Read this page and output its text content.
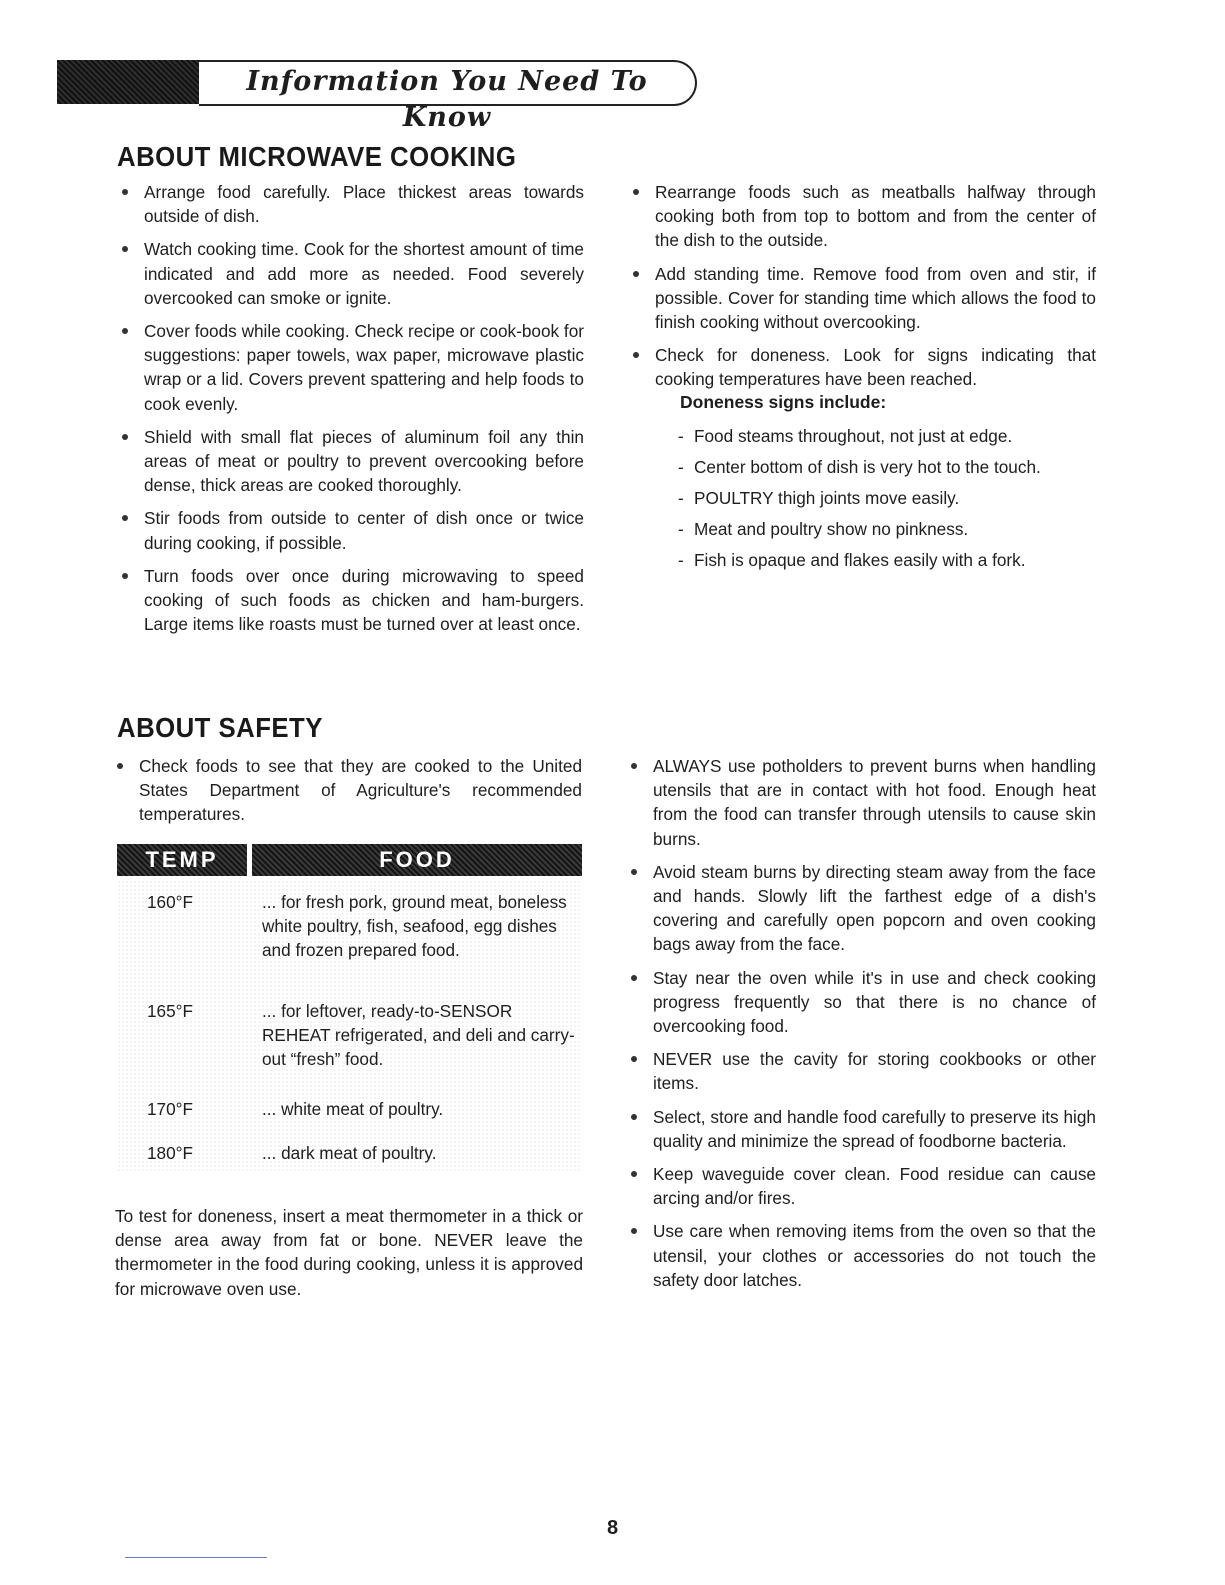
Information You Need To Know
ABOUT MICROWAVE COOKING
Arrange food carefully. Place thickest areas towards outside of dish.
Watch cooking time. Cook for the shortest amount of time indicated and add more as needed. Food severely overcooked can smoke or ignite.
Cover foods while cooking. Check recipe or cook-book for suggestions: paper towels, wax paper, microwave plastic wrap or a lid. Covers prevent spattering and help foods to cook evenly.
Shield with small flat pieces of aluminum foil any thin areas of meat or poultry to prevent overcooking before dense, thick areas are cooked thoroughly.
Stir foods from outside to center of dish once or twice during cooking, if possible.
Turn foods over once during microwaving to speed cooking of such foods as chicken and ham-burgers. Large items like roasts must be turned over at least once.
Rearrange foods such as meatballs halfway through cooking both from top to bottom and from the center of the dish to the outside.
Add standing time. Remove food from oven and stir, if possible. Cover for standing time which allows the food to finish cooking without overcooking.
Check for doneness. Look for signs indicating that cooking temperatures have been reached.
Doneness signs include:
- Food steams throughout, not just at edge.
- Center bottom of dish is very hot to the touch.
- POULTRY thigh joints move easily.
- Meat and poultry show no pinkness.
- Fish is opaque and flakes easily with a fork.
ABOUT SAFETY
Check foods to see that they are cooked to the United States Department of Agriculture's recommended temperatures.
TEMP	FOOD
160°F	... for fresh pork, ground meat, boneless white poultry, fish, seafood, egg dishes and frozen prepared food.
165°F	... for leftover, ready-to-SENSOR REHEAT refrigerated, and deli and carry-out “fresh” food.
170°F	... white meat of poultry.
180°F	... dark meat of poultry.
To test for doneness, insert a meat thermometer in a thick or dense area away from fat or bone. NEVER leave the thermometer in the food during cooking, unless it is approved for microwave oven use.
ALWAYS use potholders to prevent burns when handling utensils that are in contact with hot food. Enough heat from the food can transfer through utensils to cause skin burns.
Avoid steam burns by directing steam away from the face and hands. Slowly lift the farthest edge of a dish's covering and carefully open popcorn and oven cooking bags away from the face.
Stay near the oven while it's in use and check cooking progress frequently so that there is no chance of overcooking food.
NEVER use the cavity for storing cookbooks or other items.
Select, store and handle food carefully to preserve its high quality and minimize the spread of foodborne bacteria.
Keep waveguide cover clean. Food residue can cause arcing and/or fires.
Use care when removing items from the oven so that the utensil, your clothes or accessories do not touch the safety door latches.
8
